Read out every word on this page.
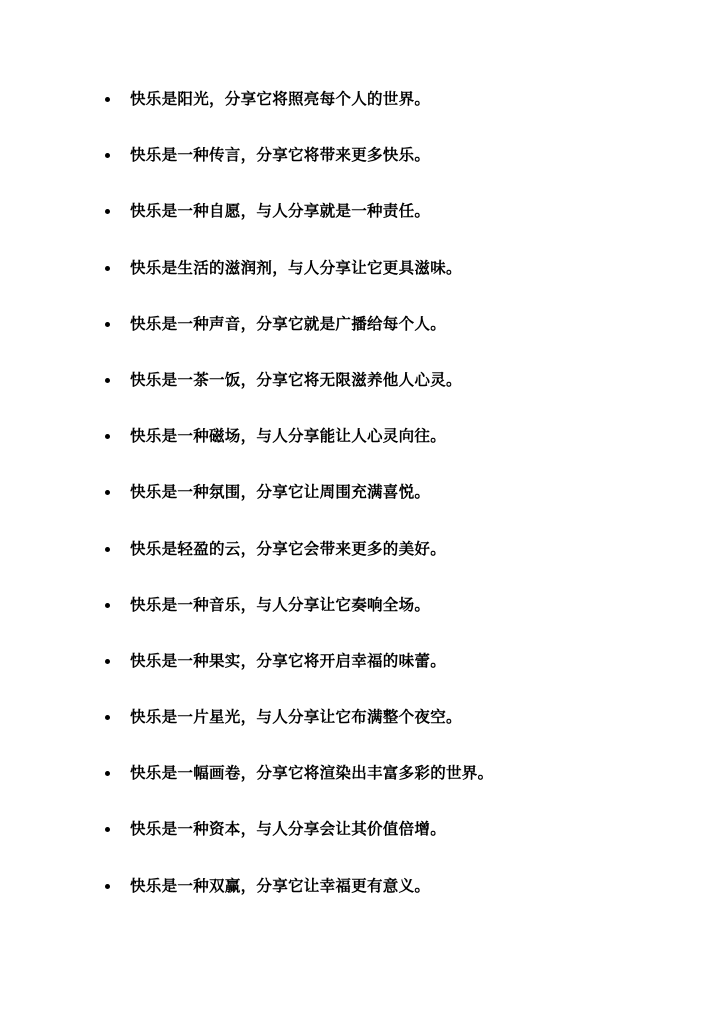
快乐是阳光，分享它将照亮每个人的世界。
快乐是一种传言，分享它将带来更多快乐。
快乐是一种自愿，与人分享就是一种责任。
快乐是生活的滋润剂，与人分享让它更具滋味。
快乐是一种声音，分享它就是广播给每个人。
快乐是一茶一饭，分享它将无限滋养他人心灵。
快乐是一种磁场，与人分享能让人心灵向往。
快乐是一种氛围，分享它让周围充满喜悦。
快乐是轻盈的云，分享它会带来更多的美好。
快乐是一种音乐，与人分享让它奏响全场。
快乐是一种果实，分享它将开启幸福的味蕾。
快乐是一片星光，与人分享让它布满整个夜空。
快乐是一幅画卷，分享它将渲染出丰富多彩的世界。
快乐是一种资本，与人分享会让其价值倍增。
快乐是一种双赢，分享它让幸福更有意义。
